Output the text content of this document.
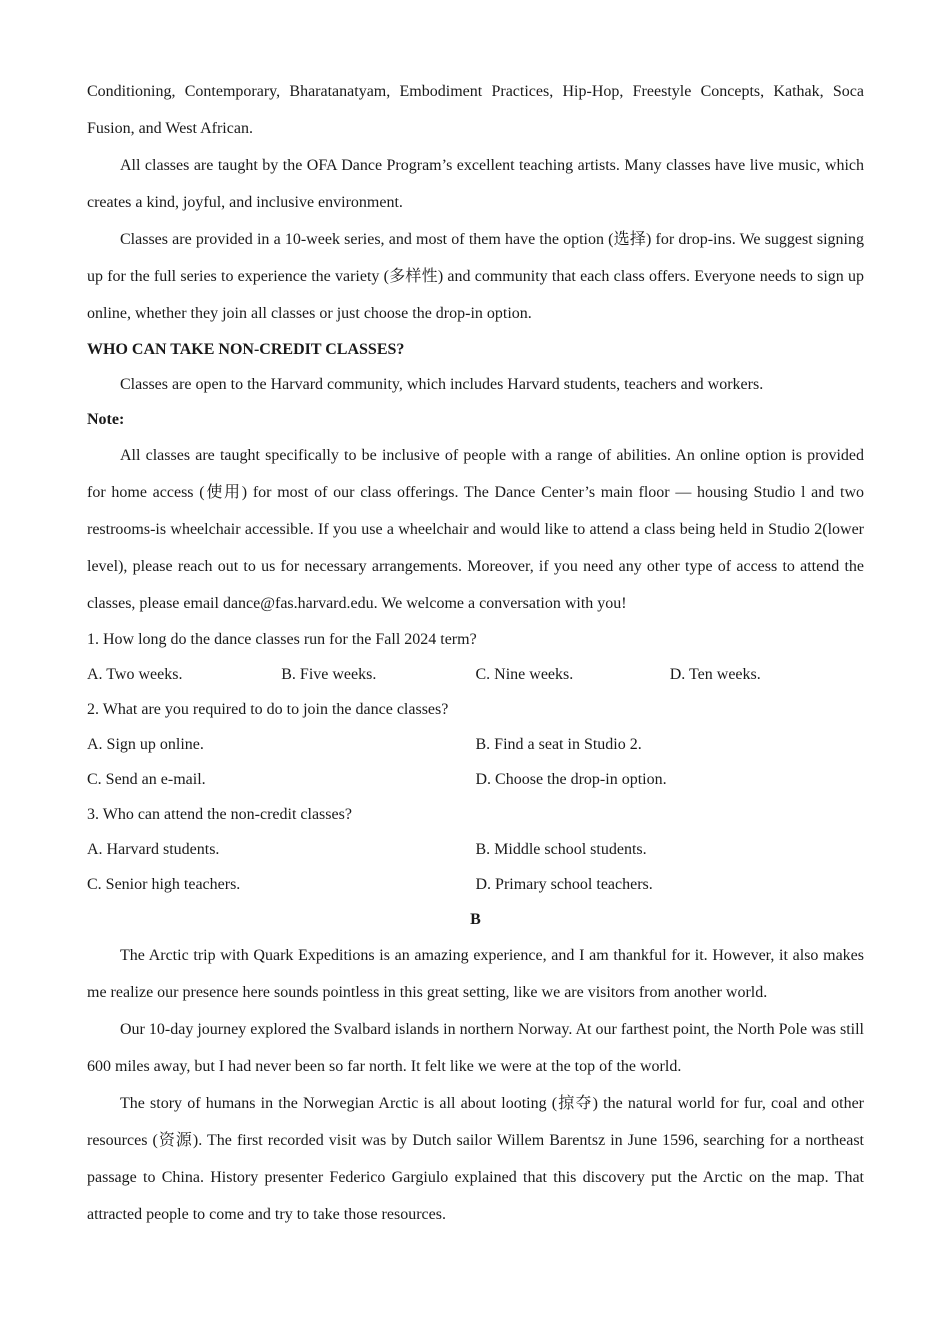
Conditioning, Contemporary, Bharatanatyam, Embodiment Practices, Hip-Hop, Freestyle Concepts, Kathak, Soca Fusion, and West African.

All classes are taught by the OFA Dance Program’s excellent teaching artists. Many classes have live music, which creates a kind, joyful, and inclusive environment.

Classes are provided in a 10-week series, and most of them have the option (选择) for drop-ins. We suggest signing up for the full series to experience the variety (多样性) and community that each class offers. Everyone needs to sign up online, whether they join all classes or just choose the drop-in option.

WHO CAN TAKE NON-CREDIT CLASSES?

Classes are open to the Harvard community, which includes Harvard students, teachers and workers.

Note:

All classes are taught specifically to be inclusive of people with a range of abilities. An online option is provided for home access (使用) for most of our class offerings. The Dance Center’s main floor — housing Studio l and two restrooms-is wheelchair accessible. If you use a wheelchair and would like to attend a class being held in Studio 2(lower level), please reach out to us for necessary arrangements. Moreover, if you need any other type of access to attend the classes, please email dance@fas.harvard.edu. We welcome a conversation with you!

1. How long do the dance classes run for the Fall 2024 term?

A. Two weeks.	B. Five weeks.	C. Nine weeks.	D. Ten weeks.

2. What are you required to do to join the dance classes?

A. Sign up online.	B. Find a seat in Studio 2.
C. Send an e-mail.	D. Choose the drop-in option.

3. Who can attend the non-credit classes?

A. Harvard students.	B. Middle school students.
C. Senior high teachers.	D. Primary school teachers.

B

The Arctic trip with Quark Expeditions is an amazing experience, and I am thankful for it. However, it also makes me realize our presence here sounds pointless in this great setting, like we are visitors from another world.

Our 10-day journey explored the Svalbard islands in northern Norway. At our farthest point, the North Pole was still 600 miles away, but I had never been so far north. It felt like we were at the top of the world.

The story of humans in the Norwegian Arctic is all about looting (掠夺) the natural world for fur, coal and other resources (资源). The first recorded visit was by Dutch sailor Willem Barentsz in June 1596, searching for a northeast passage to China. History presenter Federico Gargiulo explained that this discovery put the Arctic on the map. That attracted people to come and try to take those resources.
